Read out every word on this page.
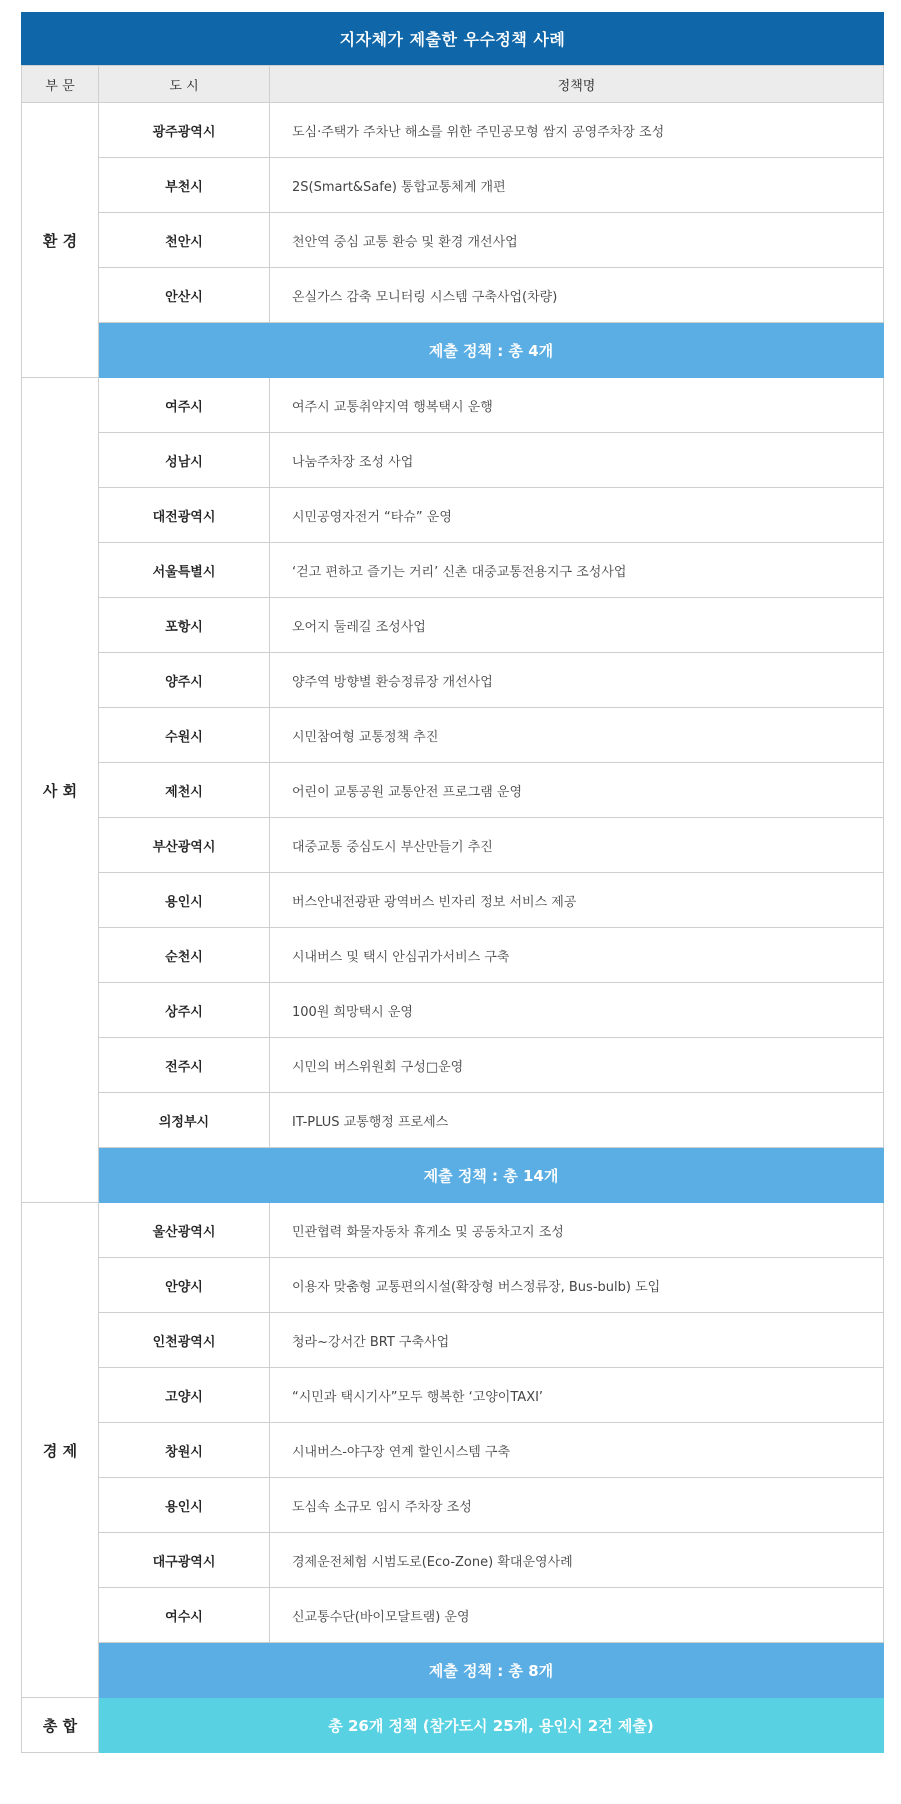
지자체가 제출한 우수정책 사례
부 문	도 시	정책명
환 경	광주광역시	도심·주택가 주차난 해소를 위한 주민공모형 쌈지 공영주차장 조성
	부천시	2S(Smart&Safe) 통합교통체계 개편
	천안시	천안역 중심 교통 환승 및 환경 개선사업
	안산시	온실가스 감축 모니터링 시스템 구축사업(차량)
	제출 정책 : 총 4개	
사 회	여주시	여주시 교통취약지역 행복택시 운행
	성남시	나눔주차장 조성 사업
	대전광역시	시민공영자전거 “타슈” 운영
	서울특별시	‘걷고 편하고 즐기는 거리’ 신촌 대중교통전용지구 조성사업
	포항시	오어지 둘레길 조성사업
	양주시	양주역 방향별 환승정류장 개선사업
	수원시	시민참여형 교통정책 추진
	제천시	어린이 교통공원 교통안전 프로그램 운영
	부산광역시	대중교통 중심도시 부산만들기 추진
	용인시	버스안내전광판 광역버스 빈자리 정보 서비스 제공
	순천시	시내버스 및 택시 안심귀가서비스 구축
	상주시	100원 희망택시 운영
	전주시	시민의 버스위원회 구성□운영
	의정부시	IT-PLUS 교통행정 프로세스
	제출 정책 : 총 14개	
경 제	울산광역시	민관협력 화물자동차 휴게소 및 공동차고지 조성
	안양시	이용자 맞춤형 교통편의시설(확장형 버스정류장, Bus-bulb) 도입
	인천광역시	청라~강서간 BRT 구축사업
	고양시	“시민과 택시기사”모두 행복한 ‘고양이TAXI’
	창원시	시내버스-야구장 연계 할인시스템 구축
	용인시	도심속 소규모 임시 주차장 조성
	대구광역시	경제운전체험 시범도로(Eco-Zone) 확대운영사례
	여수시	신교통수단(바이모달트램) 운영
	제출 정책 : 총 8개	
총 합	총 26개 정책 (참가도시 25개, 용인시 2건 제출)	
